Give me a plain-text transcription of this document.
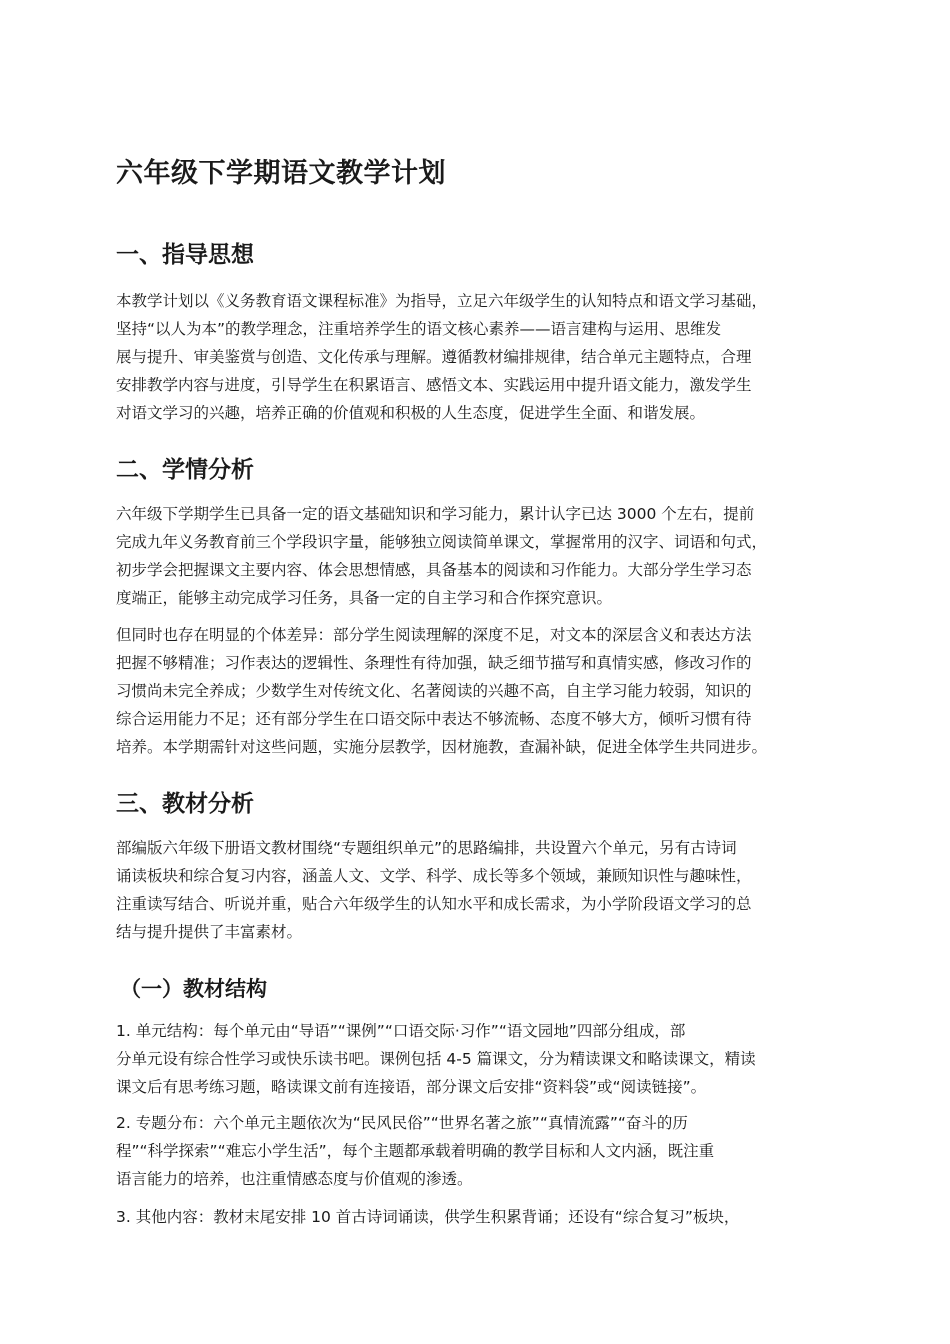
六年级下学期语文教学计划
一、指导思想
本教学计划以《义务教育语文课程标准》为指导，立足六年级学生的认知特点和语文学习基础，
坚持“以人为本”的教学理念，注重培养学生的语文核心素养——语言建构与运用、思维发
展与提升、审美鉴赏与创造、文化传承与理解。遵循教材编排规律，结合单元主题特点，合理
安排教学内容与进度，引导学生在积累语言、感悟文本、实践运用中提升语文能力，激发学生
对语文学习的兴趣，培养正确的价值观和积极的人生态度，促进学生全面、和谐发展。
二、学情分析
六年级下学期学生已具备一定的语文基础知识和学习能力，累计认字已达 3000 个左右，提前
完成九年义务教育前三个学段识字量，能够独立阅读简单课文，掌握常用的汉字、词语和句式，
初步学会把握课文主要内容、体会思想情感，具备基本的阅读和习作能力。大部分学生学习态
度端正，能够主动完成学习任务，具备一定的自主学习和合作探究意识。
但同时也存在明显的个体差异：部分学生阅读理解的深度不足，对文本的深层含义和表达方法
把握不够精准；习作表达的逻辑性、条理性有待加强，缺乏细节描写和真情实感，修改习作的
习惯尚未完全养成；少数学生对传统文化、名著阅读的兴趣不高，自主学习能力较弱，知识的
综合运用能力不足；还有部分学生在口语交际中表达不够流畅、态度不够大方，倾听习惯有待
培养。本学期需针对这些问题，实施分层教学，因材施教，查漏补缺，促进全体学生共同进步。
三、教材分析
部编版六年级下册语文教材围绕“专题组织单元”的思路编排，共设置六个单元，另有古诗词
诵读板块和综合复习内容，涵盖人文、文学、科学、成长等多个领域，兼顾知识性与趣味性，
注重读写结合、听说并重，贴合六年级学生的认知水平和成长需求，为小学阶段语文学习的总
结与提升提供了丰富素材。
（一）教材结构
1. 单元结构：每个单元由“导语”“课例”“口语交际·习作”“语文园地”四部分组成，部
分单元设有综合性学习或快乐读书吧。课例包括 4-5 篇课文，分为精读课文和略读课文，精读
课文后有思考练习题，略读课文前有连接语，部分课文后安排“资料袋”或“阅读链接”。
2. 专题分布：六个单元主题依次为“民风民俗”“世界名著之旅”“真情流露”“奋斗的历
程”“科学探索”“难忘小学生活”，每个主题都承载着明确的教学目标和人文内涵，既注重
语言能力的培养，也注重情感态度与价值观的渗透。
3. 其他内容：教材末尾安排 10 首古诗词诵读，供学生积累背诵；还设有“综合复习”板块，
